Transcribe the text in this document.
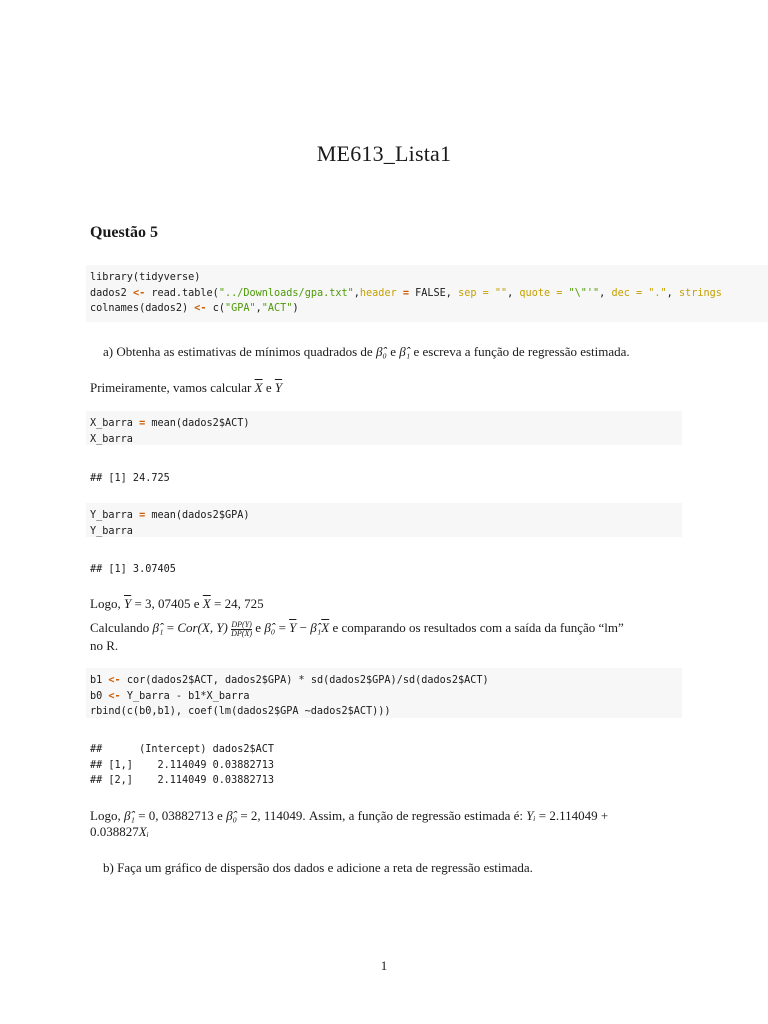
ME613_Lista1
Questão 5
library(tidyverse)
dados2 <- read.table("../Downloads/gpa.txt",header = FALSE, sep = "", quote = "\"'", dec = ".", strings
colnames(dados2) <- c("GPA","ACT")
a) Obtenha as estimativas de mínimos quadrados de β̂₀ e β̂₁ e escreva a função de regressão estimada.
Primeiramente, vamos calcular $\overline{X}$ e $\overline{Y}$
X_barra = mean(dados2$ACT)
X_barra
## [1] 24.725
Y_barra = mean(dados2$GPA)
Y_barra
## [1] 3.07405
Logo, $\overline{Y} = 3$, 07405 e $\overline{X} = 24$, 725
Calculando β̂₁ = Cor(X, $Y) \frac{DP(Y)}{DP(X)}$ e β̂₀ = $\overline{Y}$ − $\betâ_1\overline{X}$ e comparando os resultados com a saída da função “lm”
no R.
b1 <- cor(dados2$ACT, dados2$GPA) * sd(dados2$GPA)/sd(dados2$ACT)
b0 <- Y_barra - b1*X_barra
rbind(c(b0,b1), coef(lm(dados2$GPA ~dados2$ACT)))
##      (Intercept) dados2$ACT
## [1,]    2.114049 0.03882713
## [2,]    2.114049 0.03882713
Logo, β̂₁ = 0, 03882713 e β̂₀ = 2, 114049. Assim, a função de regressão estimada é: Yᵢ = 2.114049 +
0.038827Xᵢ
b) Faça um gráfico de dispersão dos dados e adicione a reta de regressão estimada.
1
